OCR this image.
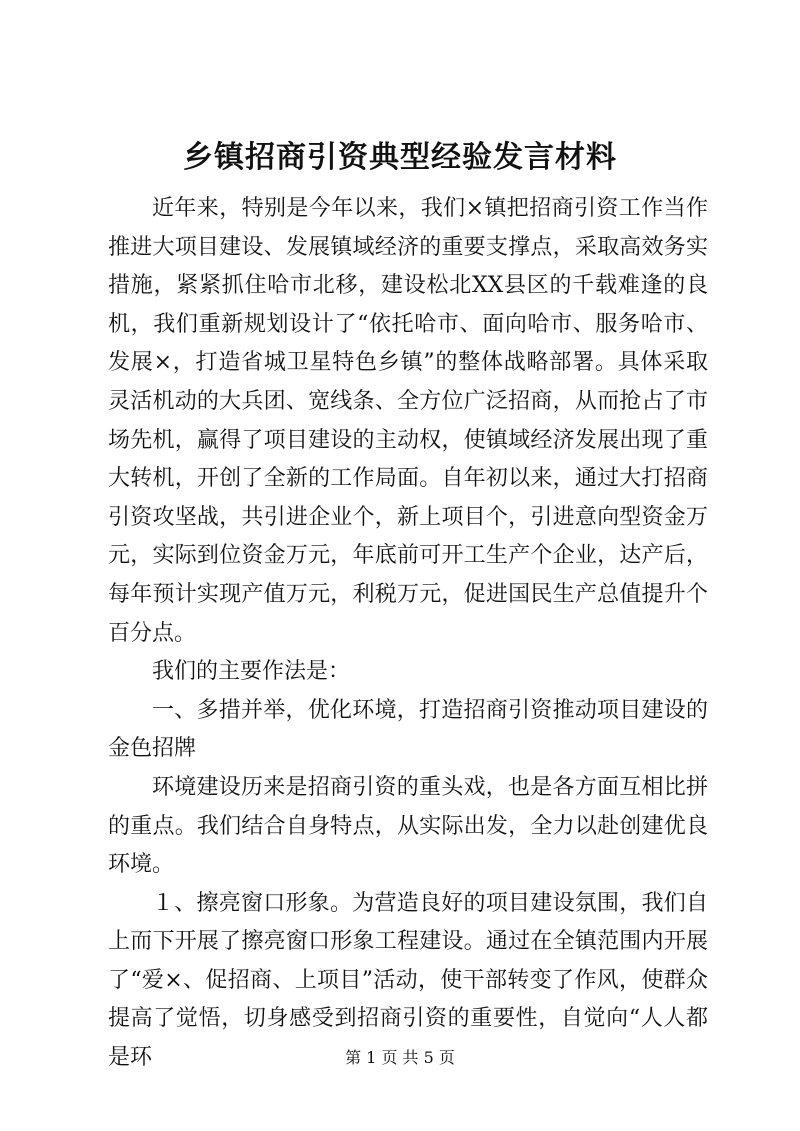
乡镇招商引资典型经验发言材料

近年来，特别是今年以来，我们×镇把招商引资工作当作推进大项目建设、发展镇域经济的重要支撑点，采取高效务实措施，紧紧抓住哈市北移，建设松北XX县区的千载难逢的良机，我们重新规划设计了“依托哈市、面向哈市、服务哈市、发展×，打造省城卫星特色乡镇”的整体战略部署。具体采取灵活机动的大兵团、宽线条、全方位广泛招商，从而抢占了市场先机，赢得了项目建设的主动权，使镇域经济发展出现了重大转机，开创了全新的工作局面。自年初以来，通过大打招商引资攻坚战，共引进企业个，新上项目个，引进意向型资金万元，实际到位资金万元，年底前可开工生产个企业，达产后，每年预计实现产值万元，利税万元，促进国民生产总值提升个百分点。

我们的主要作法是：

一、多措并举，优化环境，打造招商引资推动项目建设的金色招牌

环境建设历来是招商引资的重头戏，也是各方面互相比拼的重点。我们结合自身特点，从实际出发，全力以赴创建优良环境。

１、擦亮窗口形象。为营造良好的项目建设氛围，我们自上而下开展了擦亮窗口形象工程建设。通过在全镇范围内开展了“爱×、促招商、上项目”活动，使干部转变了作风，使群众提高了觉悟，切身感受到招商引资的重要性，自觉向“人人都是环	第 1 页 共 5 页
